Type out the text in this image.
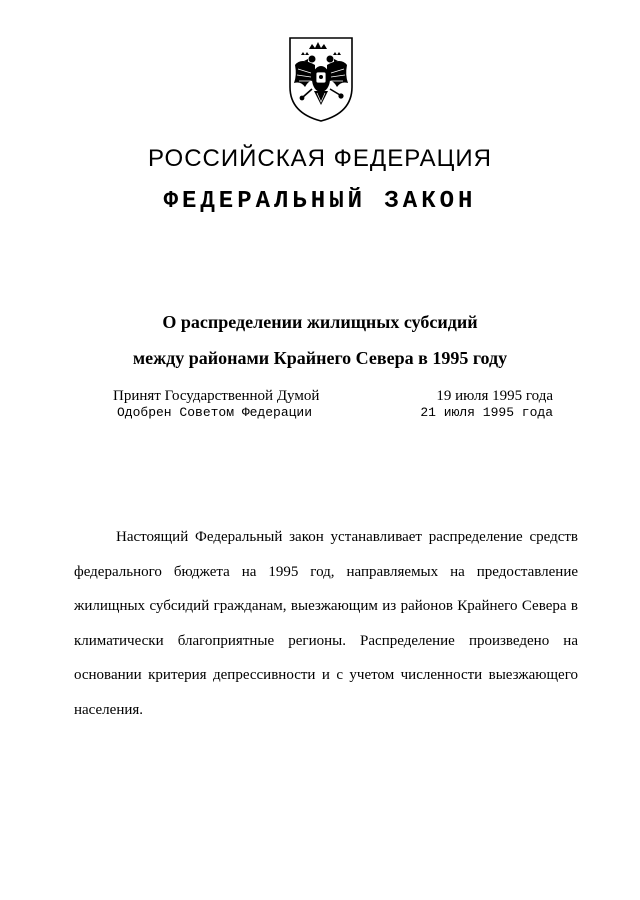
РОССИЙСКАЯ ФЕДЕРАЦИЯ
ФЕДЕРАЛЬНЫЙ ЗАКОН
О распределении жилищных субсидий
между районами Крайнего Севера в 1995 году
Принят Государственной Думой	19 июля 1995 года
Одобрен Советом Федерации	21 июля 1995 года

Настоящий Федеральный закон устанавливает распределение средств федерального бюджета на 1995 год, направляемых на предоставление жилищных субсидий гражданам, выезжающим из районов Крайнего Севера в климатически благоприятные регионы. Распределение произведено на основании критерия депрессивности и с учетом численности выезжающего населения.
